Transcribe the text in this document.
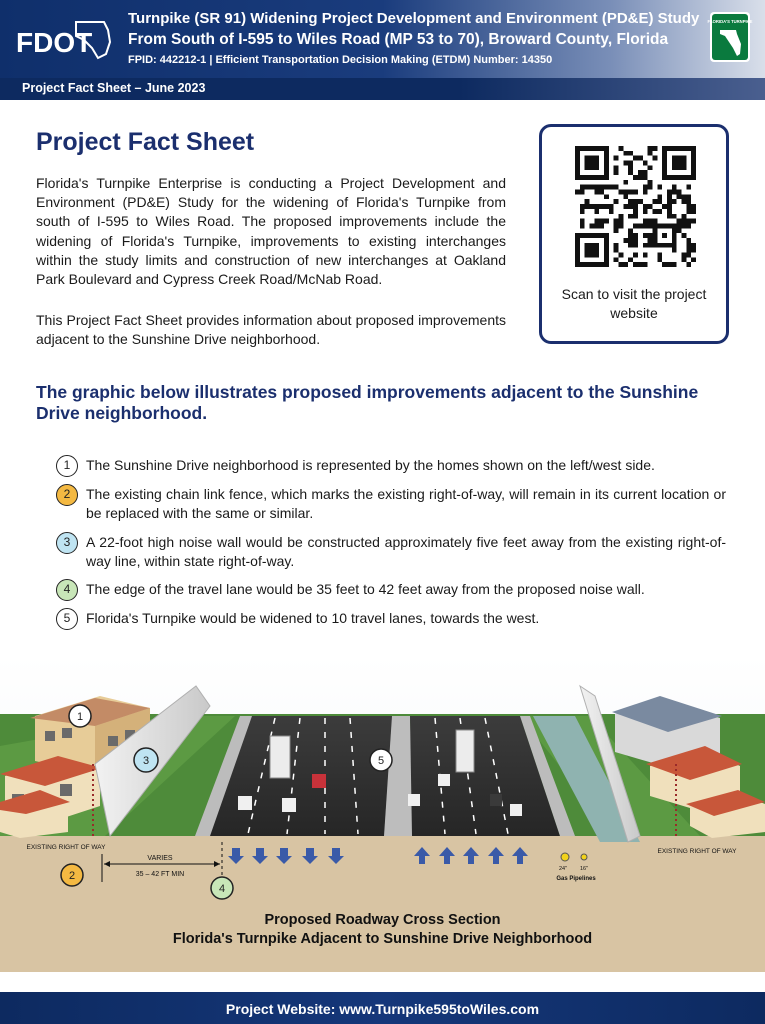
FDOT
Turnpike (SR 91) Widening Project Development and Environment (PD&E) Study
From South of I-595 to Wiles Road (MP 53 to 70), Broward County, Florida
FPID: 442212-1 | Efficient Transportation Decision Making (ETDM) Number: 14350
FLORIDA'S TURNPIKE
Project Fact Sheet – June 2023
Project Fact Sheet

Florida's Turnpike Enterprise is conducting a Project Development and Environment (PD&E) Study for the widening of Florida's Turnpike from south of I-595 to Wiles Road. The proposed improvements include the widening of Florida's Turnpike, improvements to existing interchanges within the study limits and construction of new interchanges at Oakland Park Boulevard and Cypress Creek Road/McNab Road.

This Project Fact Sheet provides information about proposed improvements adjacent to the Sunshine Drive neighborhood.

Scan to visit the project website
The graphic below illustrates proposed improvements adjacent to the Sunshine Drive neighborhood.
1	The Sunshine Drive neighborhood is represented by the homes shown on the left/west side.
2	The existing chain link fence, which marks the existing right-of-way, will remain in its current location or be replaced with the same or similar.
3	A 22-foot high noise wall would be constructed approximately five feet away from the existing right-of-way line, within state right-of-way.
4	The edge of the travel lane would be 35 feet to 42 feet away from the proposed noise wall.
5	Florida's Turnpike would be widened to 10 travel lanes, towards the west.
EXISTING RIGHT OF WAY
VARIES
35 – 42 FT MIN
24" 16"
Gas Pipelines
EXISTING RIGHT OF WAY
1
2
3
4
5
Proposed Roadway Cross Section
Florida's Turnpike Adjacent to Sunshine Drive Neighborhood
Project Website: www.Turnpike595toWiles.com
